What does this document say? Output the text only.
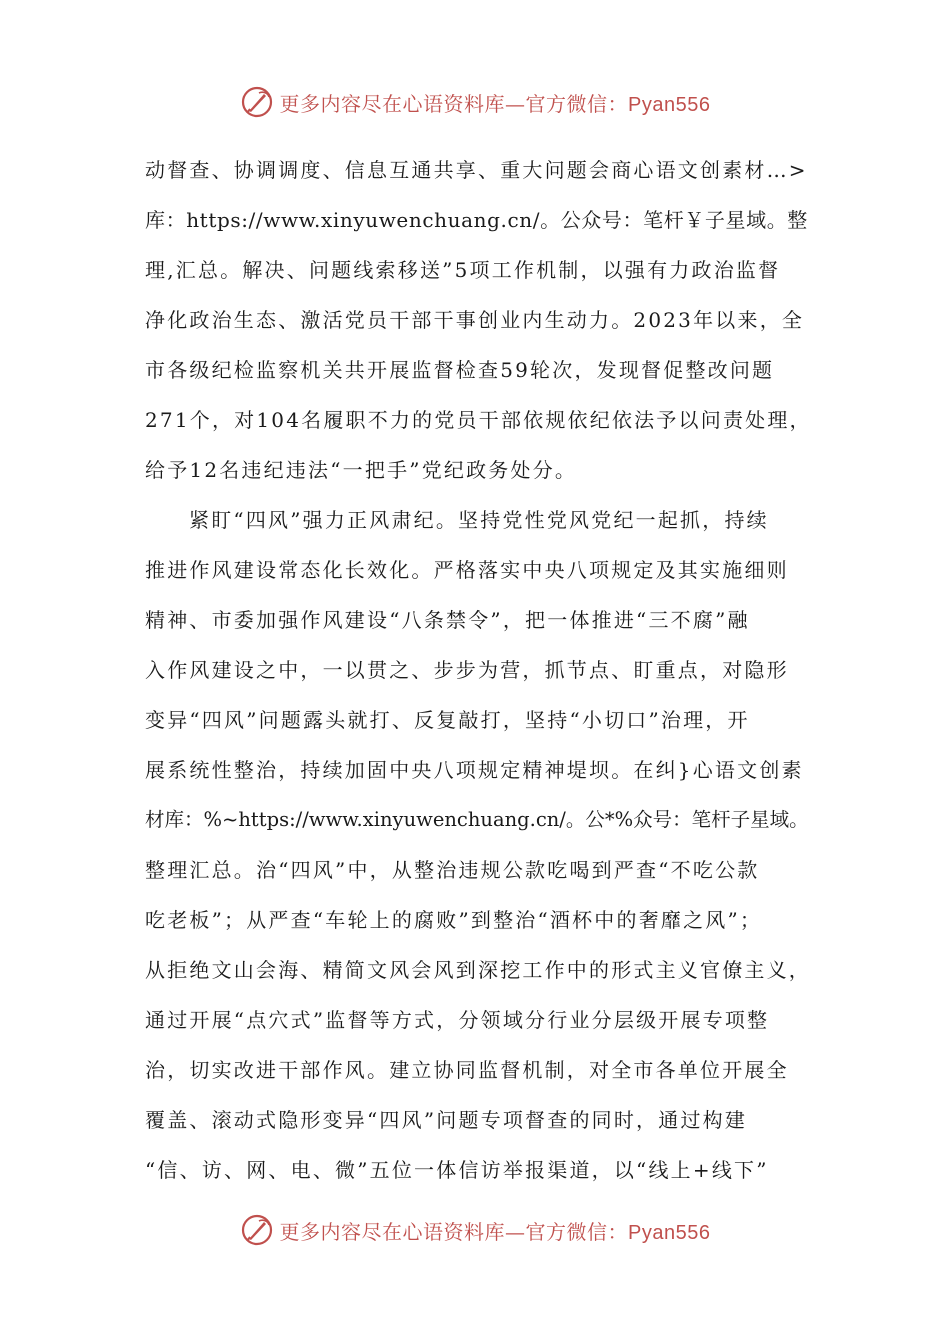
更多内容尽在心语资料库—官方微信：Pyan556
动督查、协调调度、信息互通共享、重大问题会商心语文创素材…>
库：https://www.xinyuwenchuang.cn/。公众号：笔杆￥子星域。整
理,汇总。解决、问题线索移送”5项工作机制，以强有力政治监督
净化政治生态、激活党员干部干事创业内生动力。2023年以来，全
市各级纪检监察机关共开展监督检查59轮次，发现督促整改问题
271个，对104名履职不力的党员干部依规依纪依法予以问责处理，
给予12名违纪违法“一把手”党纪政务处分。
紧盯“四风”强力正风肃纪。坚持党性党风党纪一起抓，持续
推进作风建设常态化长效化。严格落实中央八项规定及其实施细则
精神、市委加强作风建设“八条禁令”，把一体推进“三不腐”融
入作风建设之中，一以贯之、步步为营，抓节点、盯重点，对隐形
变异“四风”问题露头就打、反复敲打，坚持“小切口”治理，开
展系统性整治，持续加固中央八项规定精神堤坝。在纠}心语文创素
材库：%~https://www.xinyuwenchuang.cn/。公*%众号：笔杆子星域。
整理汇总。治“四风”中，从整治违规公款吃喝到严查“不吃公款
吃老板”；从严查“车轮上的腐败”到整治“酒杯中的奢靡之风”；
从拒绝文山会海、精简文风会风到深挖工作中的形式主义官僚主义，
通过开展“点穴式”监督等方式，分领域分行业分层级开展专项整
治，切实改进干部作风。建立协同监督机制，对全市各单位开展全
覆盖、滚动式隐形变异“四风”问题专项督查的同时，通过构建
“信、访、网、电、微”五位一体信访举报渠道，以“线上+线下”
更多内容尽在心语资料库—官方微信：Pyan556
